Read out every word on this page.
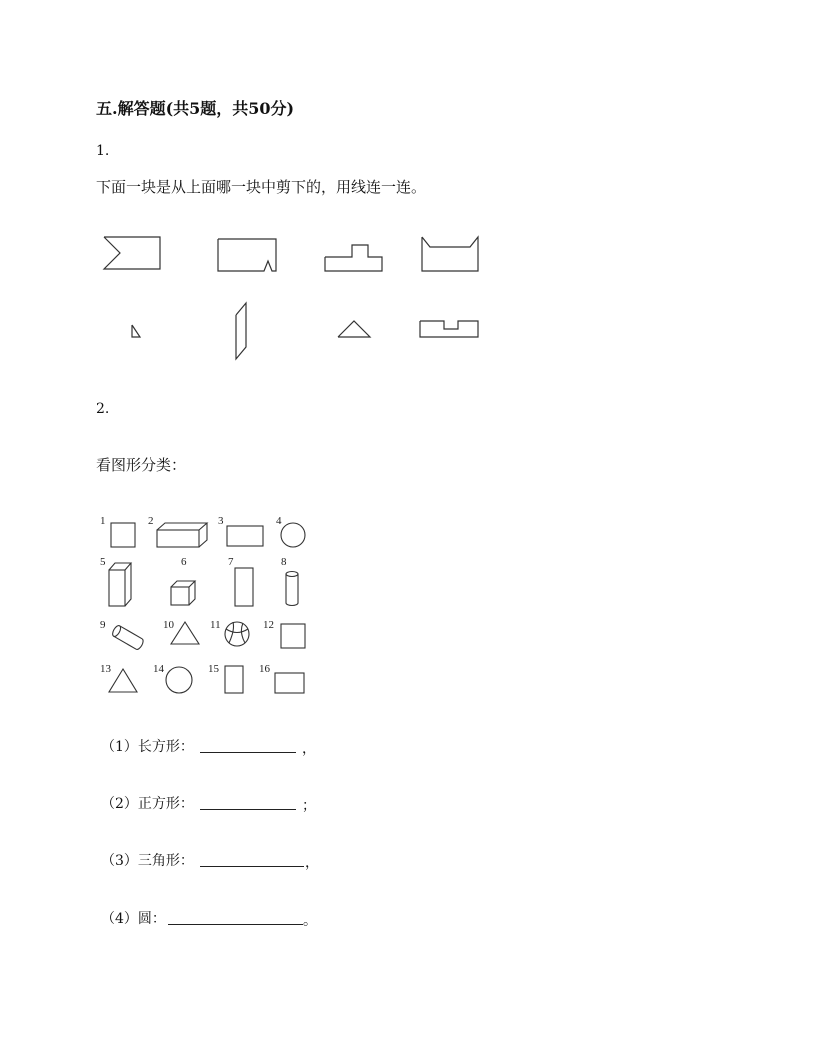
五.解答题(共5题，共50分)
1.
下面一块是从上面哪一块中剪下的，用线连一连。
2.
看图形分类：
1	2	3	4
5	6	7	8
9	10	11	12
13	14	15	16
（1）长方形：	，
（2）正方形：	；
（3）三角形：	，
（4）圆：	。
